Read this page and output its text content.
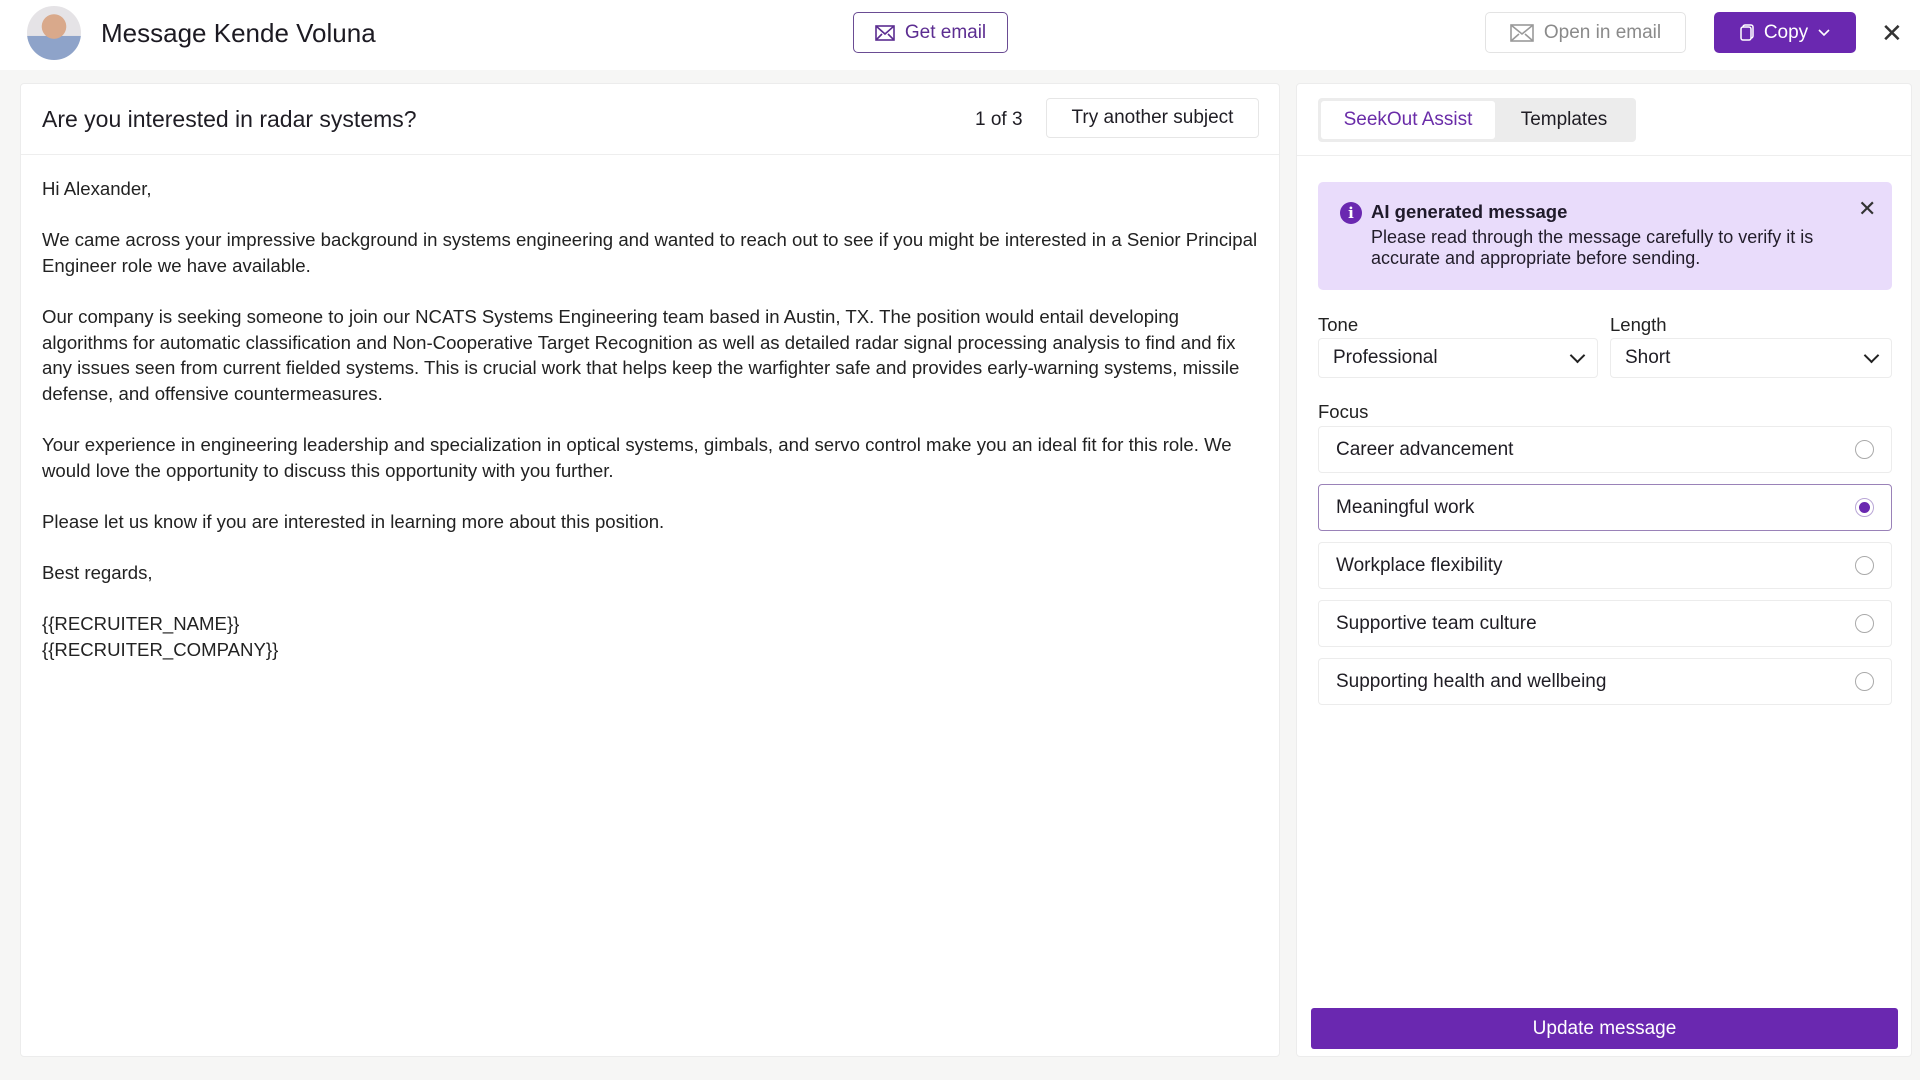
Message Kende Voluna	Get email	Open in email	Copy	✕
Are you interested in radar systems?	1 of 3	Try another subject

Hi Alexander,

We came across your impressive background in systems engineering and wanted to reach out to see if you might be interested in a Senior Principal Engineer role we have available.

Our company is seeking someone to join our NCATS Systems Engineering team based in Austin, TX. The position would entail developing algorithms for automatic classification and Non-Cooperative Target Recognition as well as detailed radar signal processing analysis to find and fix any issues seen from current fielded systems. This is crucial work that helps keep the warfighter safe and provides early-warning systems, missile defense, and offensive countermeasures.

Your experience in engineering leadership and specialization in optical systems, gimbals, and servo control make you an ideal fit for this role. We would love the opportunity to discuss this opportunity with you further.

Please let us know if you are interested in learning more about this position.

Best regards,

{{RECRUITER_NAME}}
{{RECRUITER_COMPANY}}
SeekOut Assist	Templates
i AI generated message
Please read through the message carefully to verify it is accurate and appropriate before sending.
✕
Tone
Professional
Length
Short
Focus
Career advancement
Meaningful work
Workplace flexibility
Supportive team culture
Supporting health and wellbeing
Update message
